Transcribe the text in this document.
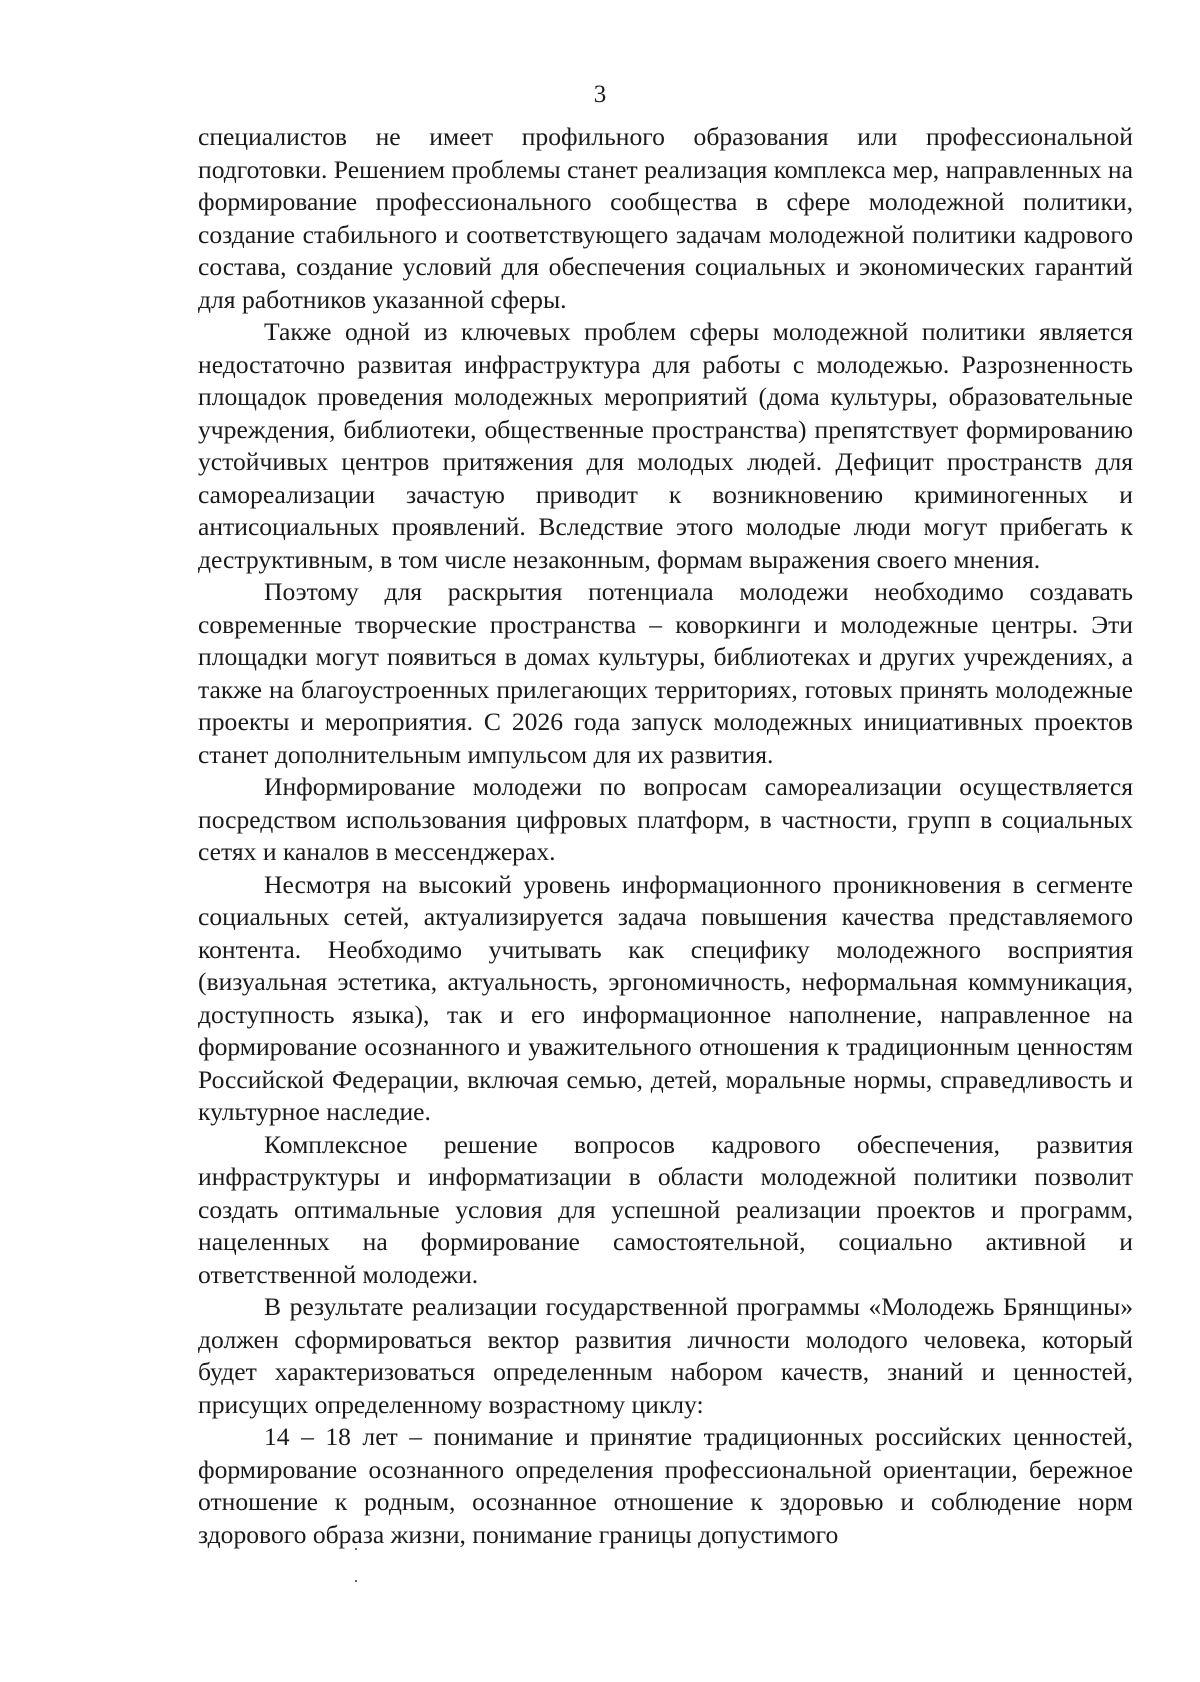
3

специалистов не имеет профильного образования или профессиональной подготовки. Решением проблемы станет реализация комплекса мер, направленных на формирование профессионального сообщества в сфере молодежной политики, создание стабильного и соответствующего задачам молодежной политики кадрового состава, создание условий для обеспечения социальных и экономических гарантий для работников указанной сферы.

Также одной из ключевых проблем сферы молодежной политики является недостаточно развитая инфраструктура для работы с молодежью. Разрозненность площадок проведения молодежных мероприятий (дома культуры, образовательные учреждения, библиотеки, общественные пространства) препятствует формированию устойчивых центров притяжения для молодых людей. Дефицит пространств для самореализации зачастую приводит к возникновению криминогенных и антисоциальных проявлений. Вследствие этого молодые люди могут прибегать к деструктивным, в том числе незаконным, формам выражения своего мнения.

Поэтому для раскрытия потенциала молодежи необходимо создавать современные творческие пространства – коворкинги и молодежные центры. Эти площадки могут появиться в домах культуры, библиотеках и других учреждениях, а также на благоустроенных прилегающих территориях, готовых принять молодежные проекты и мероприятия. С 2026 года запуск молодежных инициативных проектов станет дополнительным импульсом для их развития.

Информирование молодежи по вопросам самореализации осуществляется посредством использования цифровых платформ, в частности, групп в социальных сетях и каналов в мессенджерах.

Несмотря на высокий уровень информационного проникновения в сегменте социальных сетей, актуализируется задача повышения качества представляемого контента. Необходимо учитывать как специфику молодежного восприятия (визуальная эстетика, актуальность, эргономичность, неформальная коммуникация, доступность языка), так и его информационное наполнение, направленное на формирование осознанного и уважительного отношения к традиционным ценностям Российской Федерации, включая семью, детей, моральные нормы, справедливость и культурное наследие.

Комплексное решение вопросов кадрового обеспечения, развития инфраструктуры и информатизации в области молодежной политики позволит создать оптимальные условия для успешной реализации проектов и программ, нацеленных на формирование самостоятельной, социально активной и ответственной молодежи.

В результате реализации государственной программы «Молодежь Брянщины» должен сформироваться вектор развития личности молодого человека, который будет характеризоваться определенным набором качеств, знаний и ценностей, присущих определенному возрастному циклу:

14 – 18 лет – понимание и принятие традиционных российских ценностей, формирование осознанного определения профессиональной ориентации, бережное отношение к родным, осознанное отношение к здоровью и соблюдение норм здорового образа жизни, понимание границы допустимого
